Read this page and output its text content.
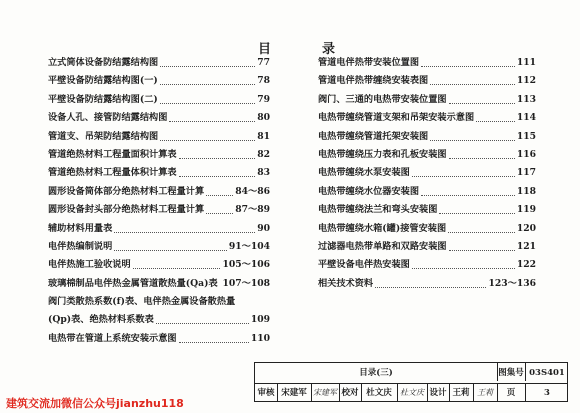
目	录
立式筒体设备防结露结构图	77
平壁设备防结露结构图(一)	78
平壁设备防结露结构图(二)	79
设备人孔、接管防结露结构图	80
管道支、吊架防结露结构图	81
管道绝热材料工程量面积计算表	82
管道绝热材料工程量体积计算表	83
圆形设备筒体部分绝热材料工程量计算	84～86
圆形设备封头部分绝热材料工程量计算	87～89
辅助材料用量表	90
电伴热编制说明	91～104
电伴热施工验收说明	105～106
玻璃棉制品电伴热金属管道散热量(Qa)表 107～108
阀门类散热系数(f)表、电伴热金属设备散热量
(Qp)表、绝热材料系数表	109
电热带在管道上系统安装示意图	110
管道电伴热带安装位置图	111
管道电伴热带缠绕安装表图	112
阀门、三通的电热带安装位置图	113
电热带缠绕管道支架和吊架安装示意图	114
电热带缠绕管道托架安装图	115
电热带缠绕压力表和孔板安装图	116
电热带缠绕水泵安装图	117
电热带缠绕水位器安装图	118
电热带缠绕法兰和弯头安装图	119
电热带缠绕水箱(罐)接管安装图	120
过滤器电热带单路和双路安装图	121
平壁设备电伴热安装图	122
相关技术资料	123～136
目录(三)	图集号 03S401
审核 宋建军 宋建军 校对 杜文庆	杜文庆 设计 王莉 王莉	页	3
建筑交流加微信公众号jianzhu118
